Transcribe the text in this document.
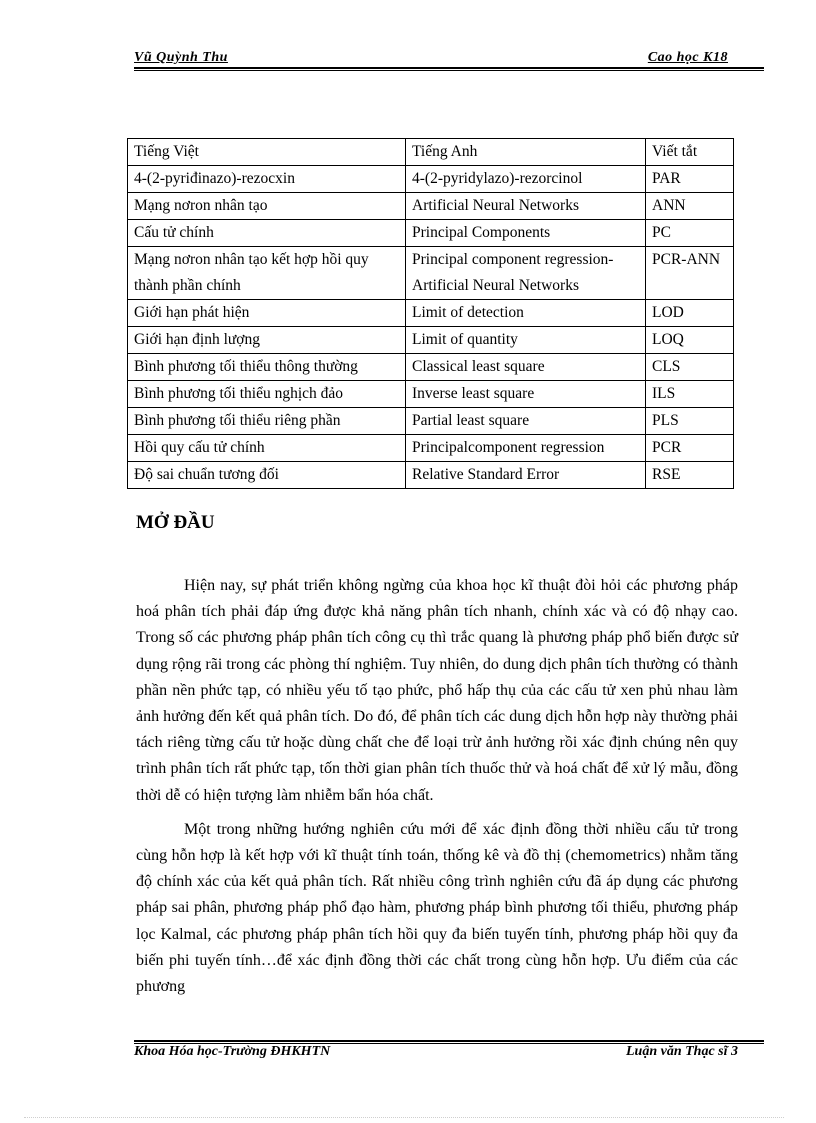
Vũ Quỳnh Thu	Cao học K18
Tiếng Việt	Tiếng Anh	Viết tắt
4-(2-pyriđinazo)-rezocxin	4-(2-pyridylazo)-rezorcinol	PAR
Mạng nơron nhân tạo	Artificial Neural Networks	ANN
Cấu tử chính	Principal Components	PC
Mạng nơron nhân tạo kết hợp hồi quy thành phần chính	Principal component regression- Artificial Neural Networks	PCR-ANN
Giới hạn phát hiện	Limit of detection	LOD
Giới hạn định lượng	Limit of quantity	LOQ
Bình phương tối thiểu thông thường	Classical least square	CLS
Bình phương tối thiểu nghịch đảo	Inverse least square	ILS
Bình phương tối thiểu riêng phần	Partial least square	PLS
Hồi quy cấu tử chính	Principalcomponent regression	PCR
Độ sai chuẩn tương đối	Relative Standard Error	RSE
MỞ ĐẦU

Hiện nay, sự phát triển không ngừng của khoa học kĩ thuật đòi hỏi các phương pháp hoá phân tích phải đáp ứng được khả năng phân tích nhanh, chính xác và có độ nhạy cao. Trong số các phương pháp phân tích công cụ thì trắc quang là phương pháp phổ biến được sử dụng rộng rãi trong các phòng thí nghiệm. Tuy nhiên, do dung dịch phân tích thường có thành phần nền phức tạp, có nhiều yếu tố tạo phức, phổ hấp thụ của các cấu tử xen phủ nhau làm ảnh hưởng đến kết quả phân tích. Do đó, để phân tích các dung dịch hỗn hợp này thường phải tách riêng từng cấu tử hoặc dùng chất che để loại trừ ảnh hưởng rồi xác định chúng nên quy trình phân tích rất phức tạp, tốn thời gian phân tích thuốc thử và hoá chất để xử lý mẫu, đồng thời dễ có hiện tượng làm nhiễm bẩn hóa chất.

Một trong những hướng nghiên cứu mới để xác định đồng thời nhiều cấu tử trong cùng hỗn hợp là kết hợp với kĩ thuật tính toán, thống kê và đồ thị (chemometrics) nhằm tăng độ chính xác của kết quả phân tích. Rất nhiều công trình nghiên cứu đã áp dụng các phương pháp sai phân, phương pháp phổ đạo hàm, phương pháp bình phương tối thiểu, phương pháp lọc Kalmal, các phương pháp phân tích hồi quy đa biến tuyến tính, phương pháp hồi quy đa biến phi tuyến tính…để xác định đồng thời các chất trong cùng hỗn hợp. Ưu điểm của các phương

Khoa Hóa học-Trường ĐHKHTN	Luận văn Thạc sĩ 3
